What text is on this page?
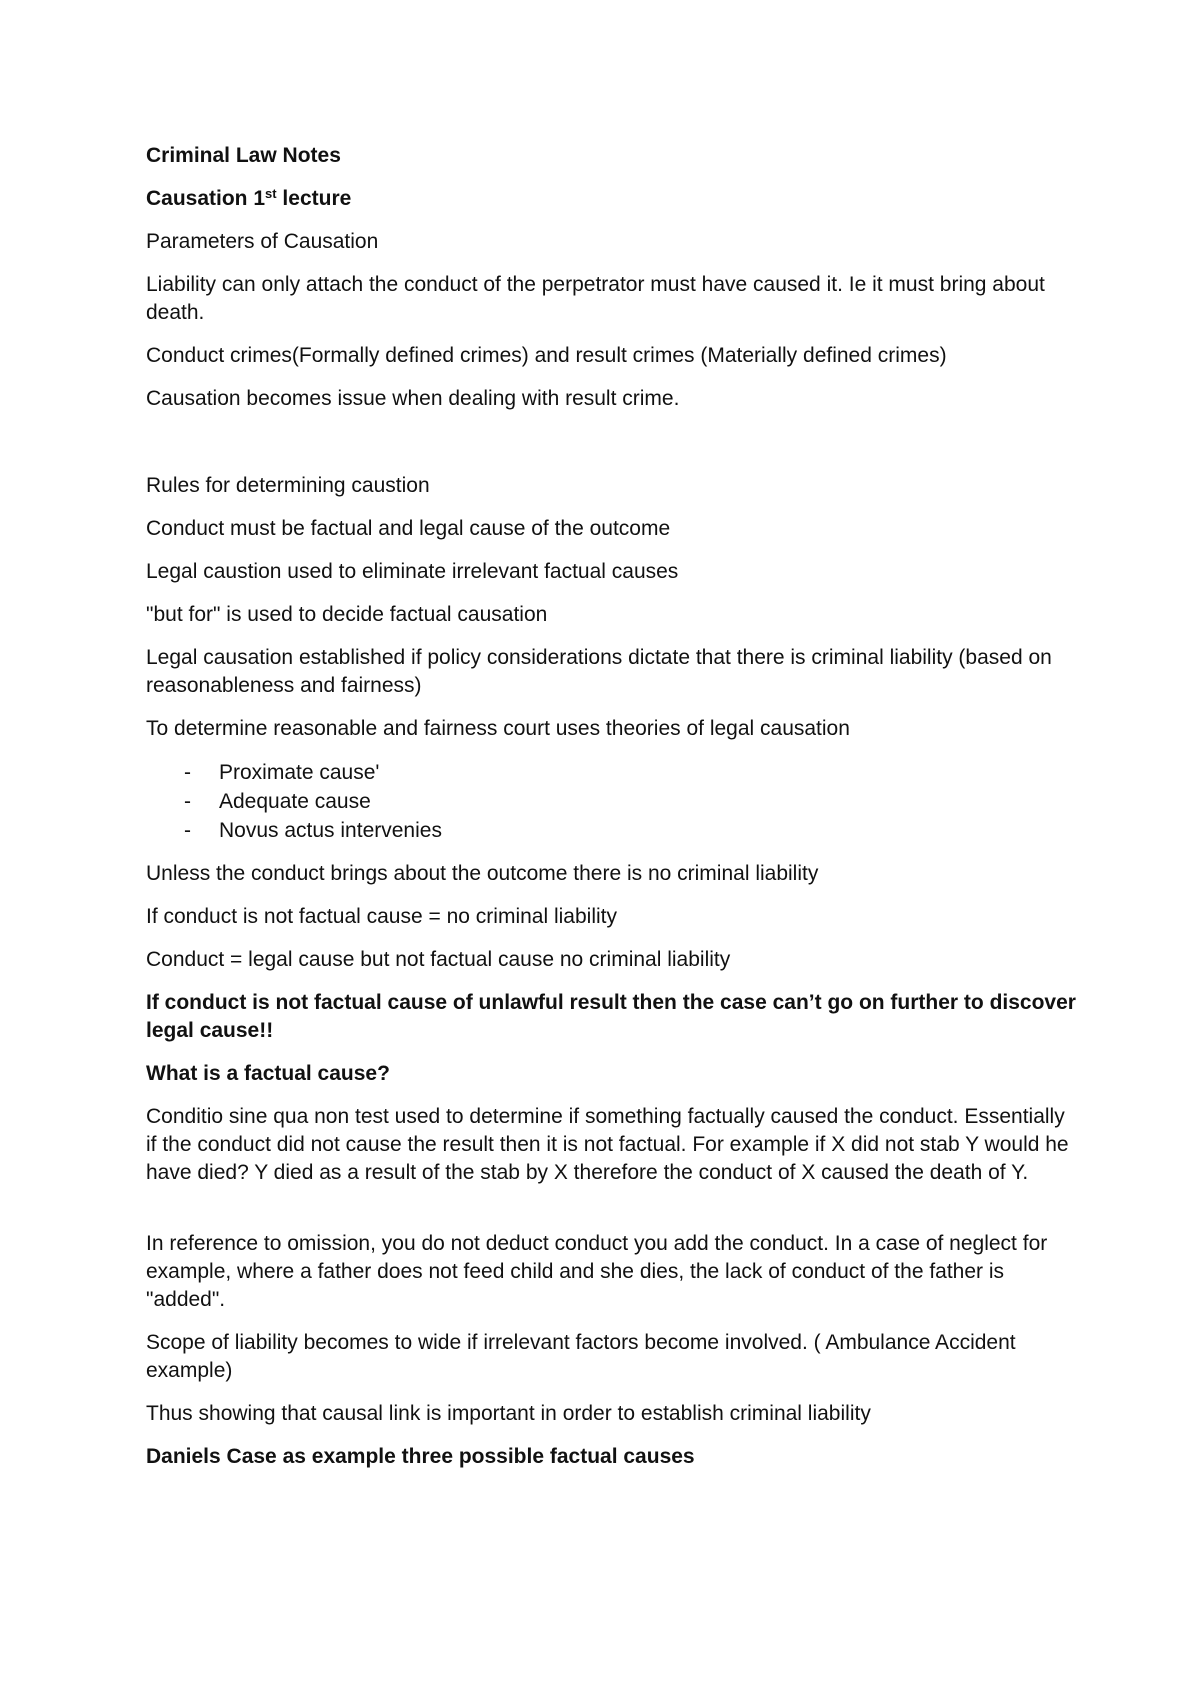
Criminal Law Notes

Causation 1st lecture

Parameters of Causation

Liability can only attach the conduct of the perpetrator must have caused it. Ie it must bring about death.

Conduct crimes(Formally defined crimes) and result crimes (Materially defined crimes)

Causation becomes issue when dealing with result crime.

Rules for determining caustion

Conduct must be factual and legal cause of the outcome

Legal caustion used to eliminate irrelevant factual causes

"but for" is used to decide factual causation

Legal causation established if policy considerations dictate that there is criminal liability (based on reasonableness and fairness)

To determine reasonable and fairness court uses theories of legal causation

- Proximate cause'
- Adequate cause
- Novus actus intervenies

Unless the conduct brings about the outcome there is no criminal liability

If conduct is not factual cause = no criminal liability

Conduct = legal cause but not factual cause no criminal liability

If conduct is not factual cause of unlawful result then the case can’t go on further to discover legal cause!!

What is a factual cause?

Conditio sine qua non test used to determine if something factually caused the conduct. Essentially if the conduct did not cause the result then it is not factual. For example if X did not stab Y would he have died? Y died as a result of the stab by X therefore the conduct of X caused the death of Y.

In reference to omission, you do not deduct conduct you add the conduct. In a case of neglect for example, where a father does not feed child and she dies, the lack of conduct of the father is "added".

Scope of liability becomes to wide if irrelevant factors become involved. ( Ambulance Accident example)

Thus showing that causal link is important in order to establish criminal liability

Daniels Case as example three possible factual causes
